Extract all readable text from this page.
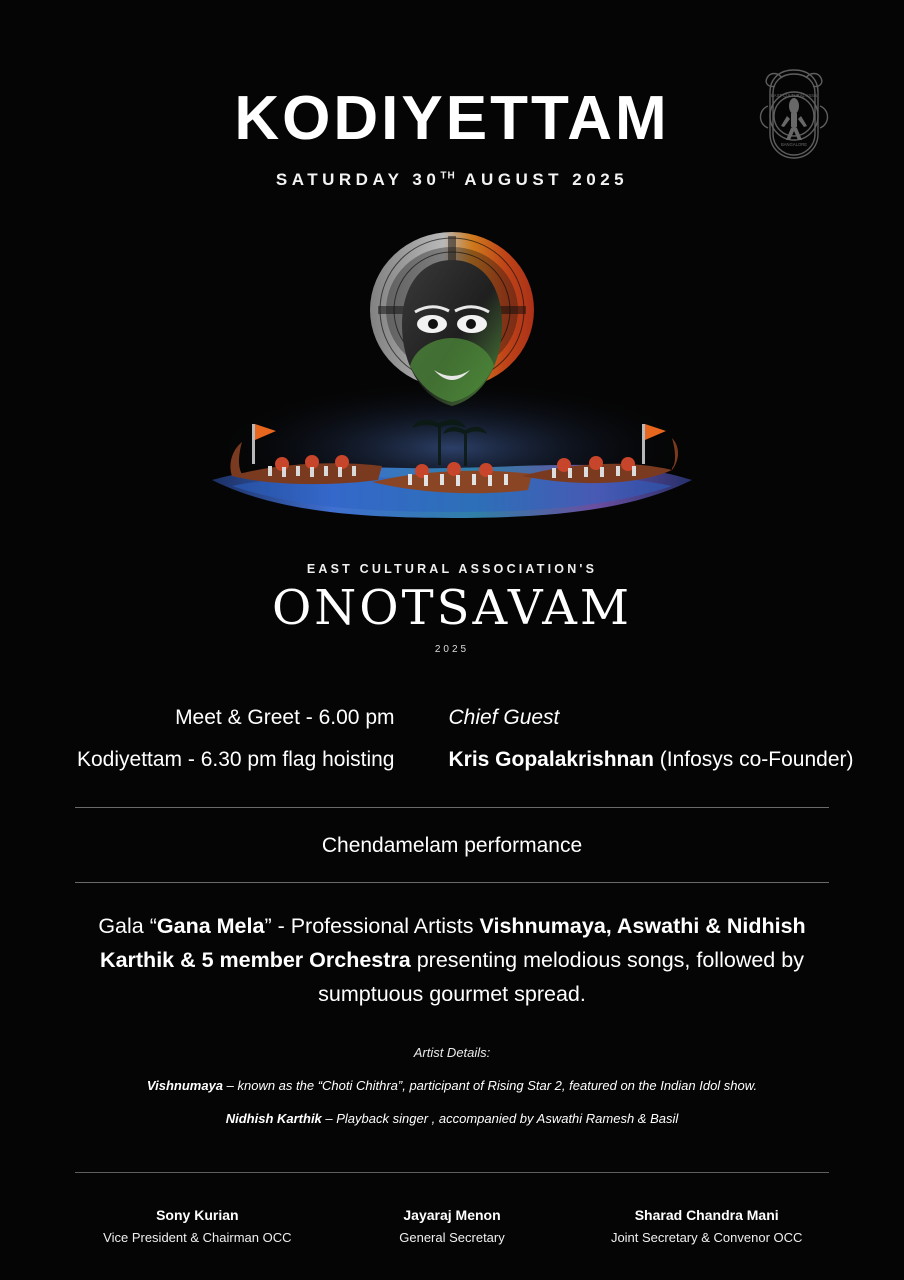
KODIYETTAM
SATURDAY 30TH AUGUST 2025
EAST CULTURAL ASSN
BANGALORE
EAST CULTURAL ASSOCIATION'S
ONOTSAVAM
2025
Meet & Greet - 6.00 pm
Kodiyettam - 6.30 pm flag hoisting
Chief Guest
Kris Gopalakrishnan (Infosys co-Founder)
Chendamelam performance
Gala “Gana Mela” - Professional Artists Vishnumaya, Aswathi & Nidhish Karthik & 5 member Orchestra presenting melodious songs, followed by sumptuous gourmet spread.
Artist Details:
Vishnumaya – known as the “Choti Chithra”, participant of Rising Star 2, featured on the Indian Idol show.
Nidhish Karthik – Playback singer , accompanied by Aswathi Ramesh & Basil
Sony Kurian
Vice President & Chairman OCC
Jayaraj Menon
General Secretary
Sharad Chandra Mani
Joint Secretary & Convenor OCC
